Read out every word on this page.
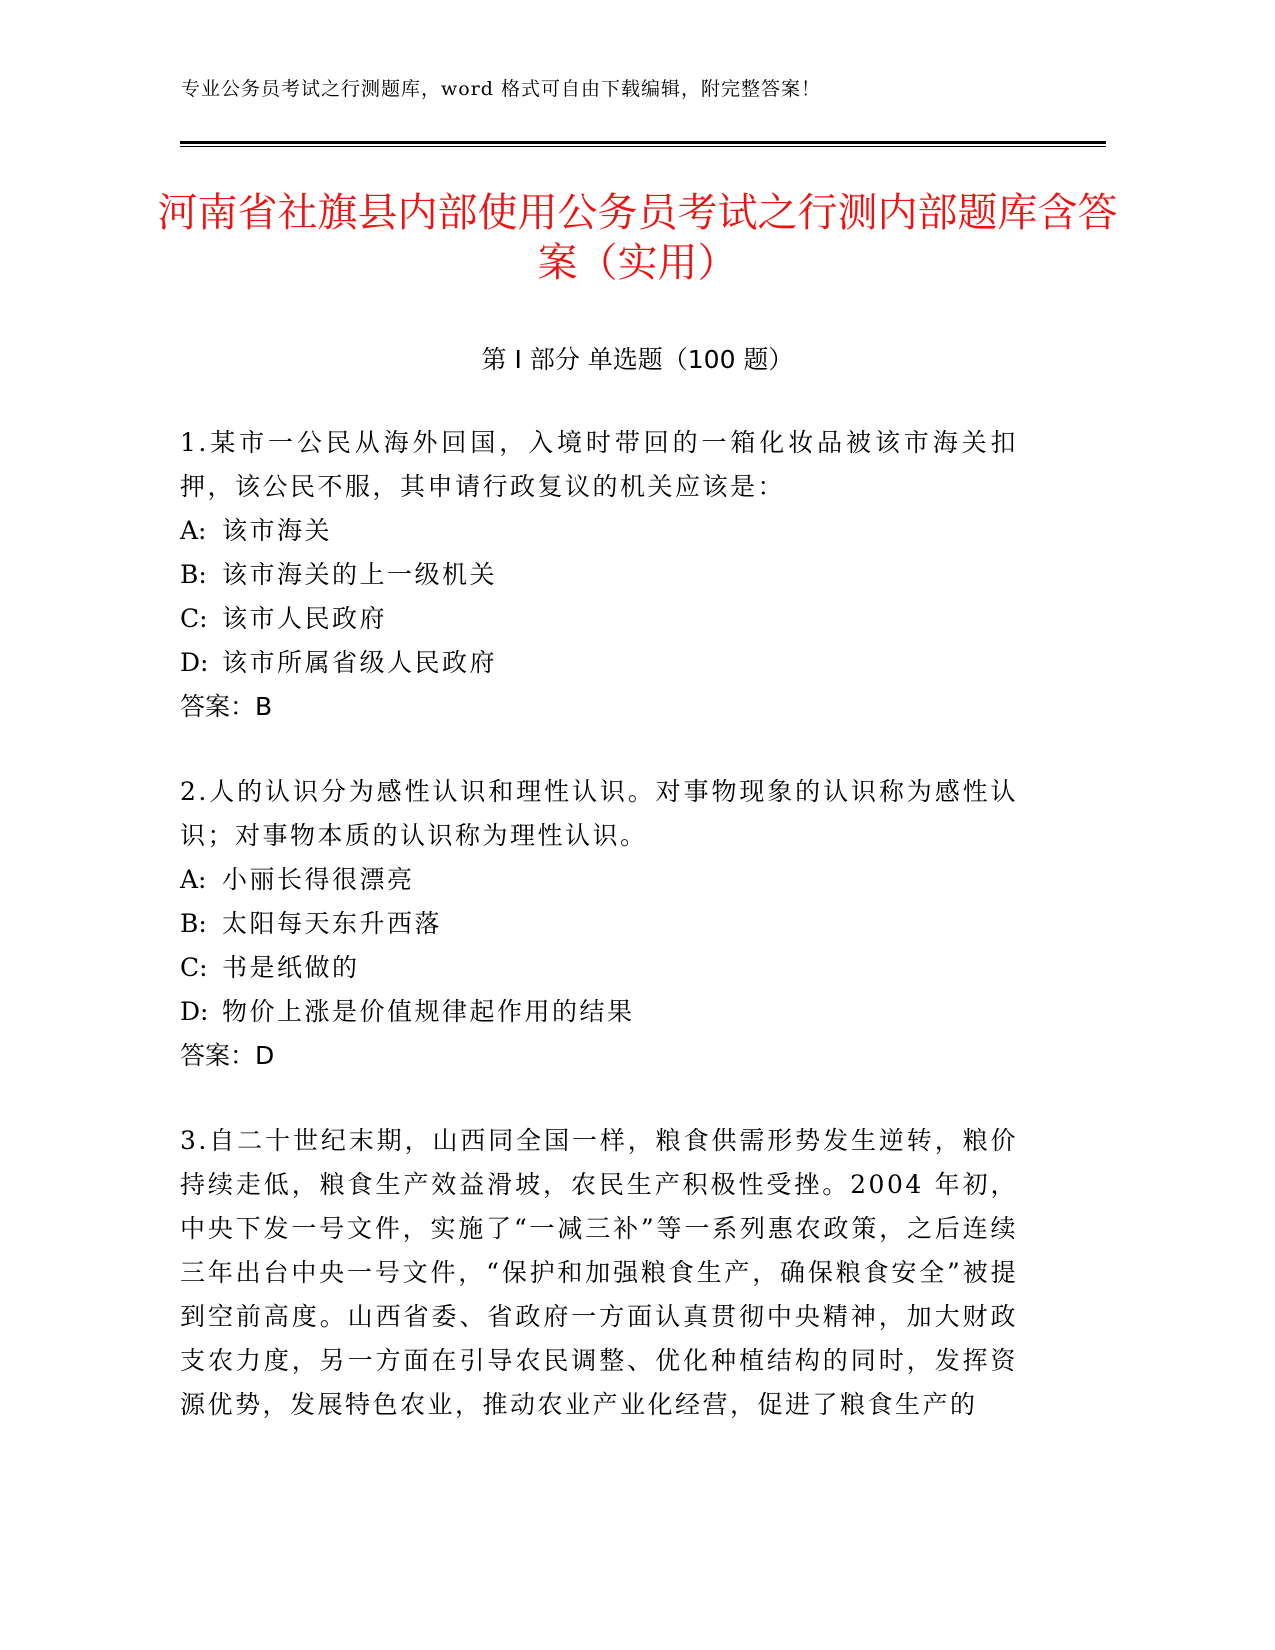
专业公务员考试之行测题库，word 格式可自由下载编辑，附完整答案！
河南省社旗县内部使用公务员考试之行测内部题库含答案（实用）
第 I 部分 单选题（100 题）

1.某市一公民从海外回国，入境时带回的一箱化妆品被该市海关扣押，该公民不服，其申请行政复议的机关应该是：

A: 该市海关

B: 该市海关的上一级机关

C: 该市人民政府

D: 该市所属省级人民政府

答案：B

2.人的认识分为感性认识和理性认识。对事物现象的认识称为感性认识；对事物本质的认识称为理性认识。

A: 小丽长得很漂亮

B: 太阳每天东升西落

C: 书是纸做的

D: 物价上涨是价值规律起作用的结果

答案：D

3.自二十世纪末期，山西同全国一样，粮食供需形势发生逆转，粮价持续走低，粮食生产效益滑坡，农民生产积极性受挫。2004 年初，中央下发一号文件，实施了“一减三补”等一系列惠农政策，之后连续三年出台中央一号文件，“保护和加强粮食生产，确保粮食安全”被提到空前高度。山西省委、省政府一方面认真贯彻中央精神，加大财政支农力度，另一方面在引导农民调整、优化种植结构的同时，发挥资源优势，发展特色农业，推动农业产业化经营，促进了粮食生产的
